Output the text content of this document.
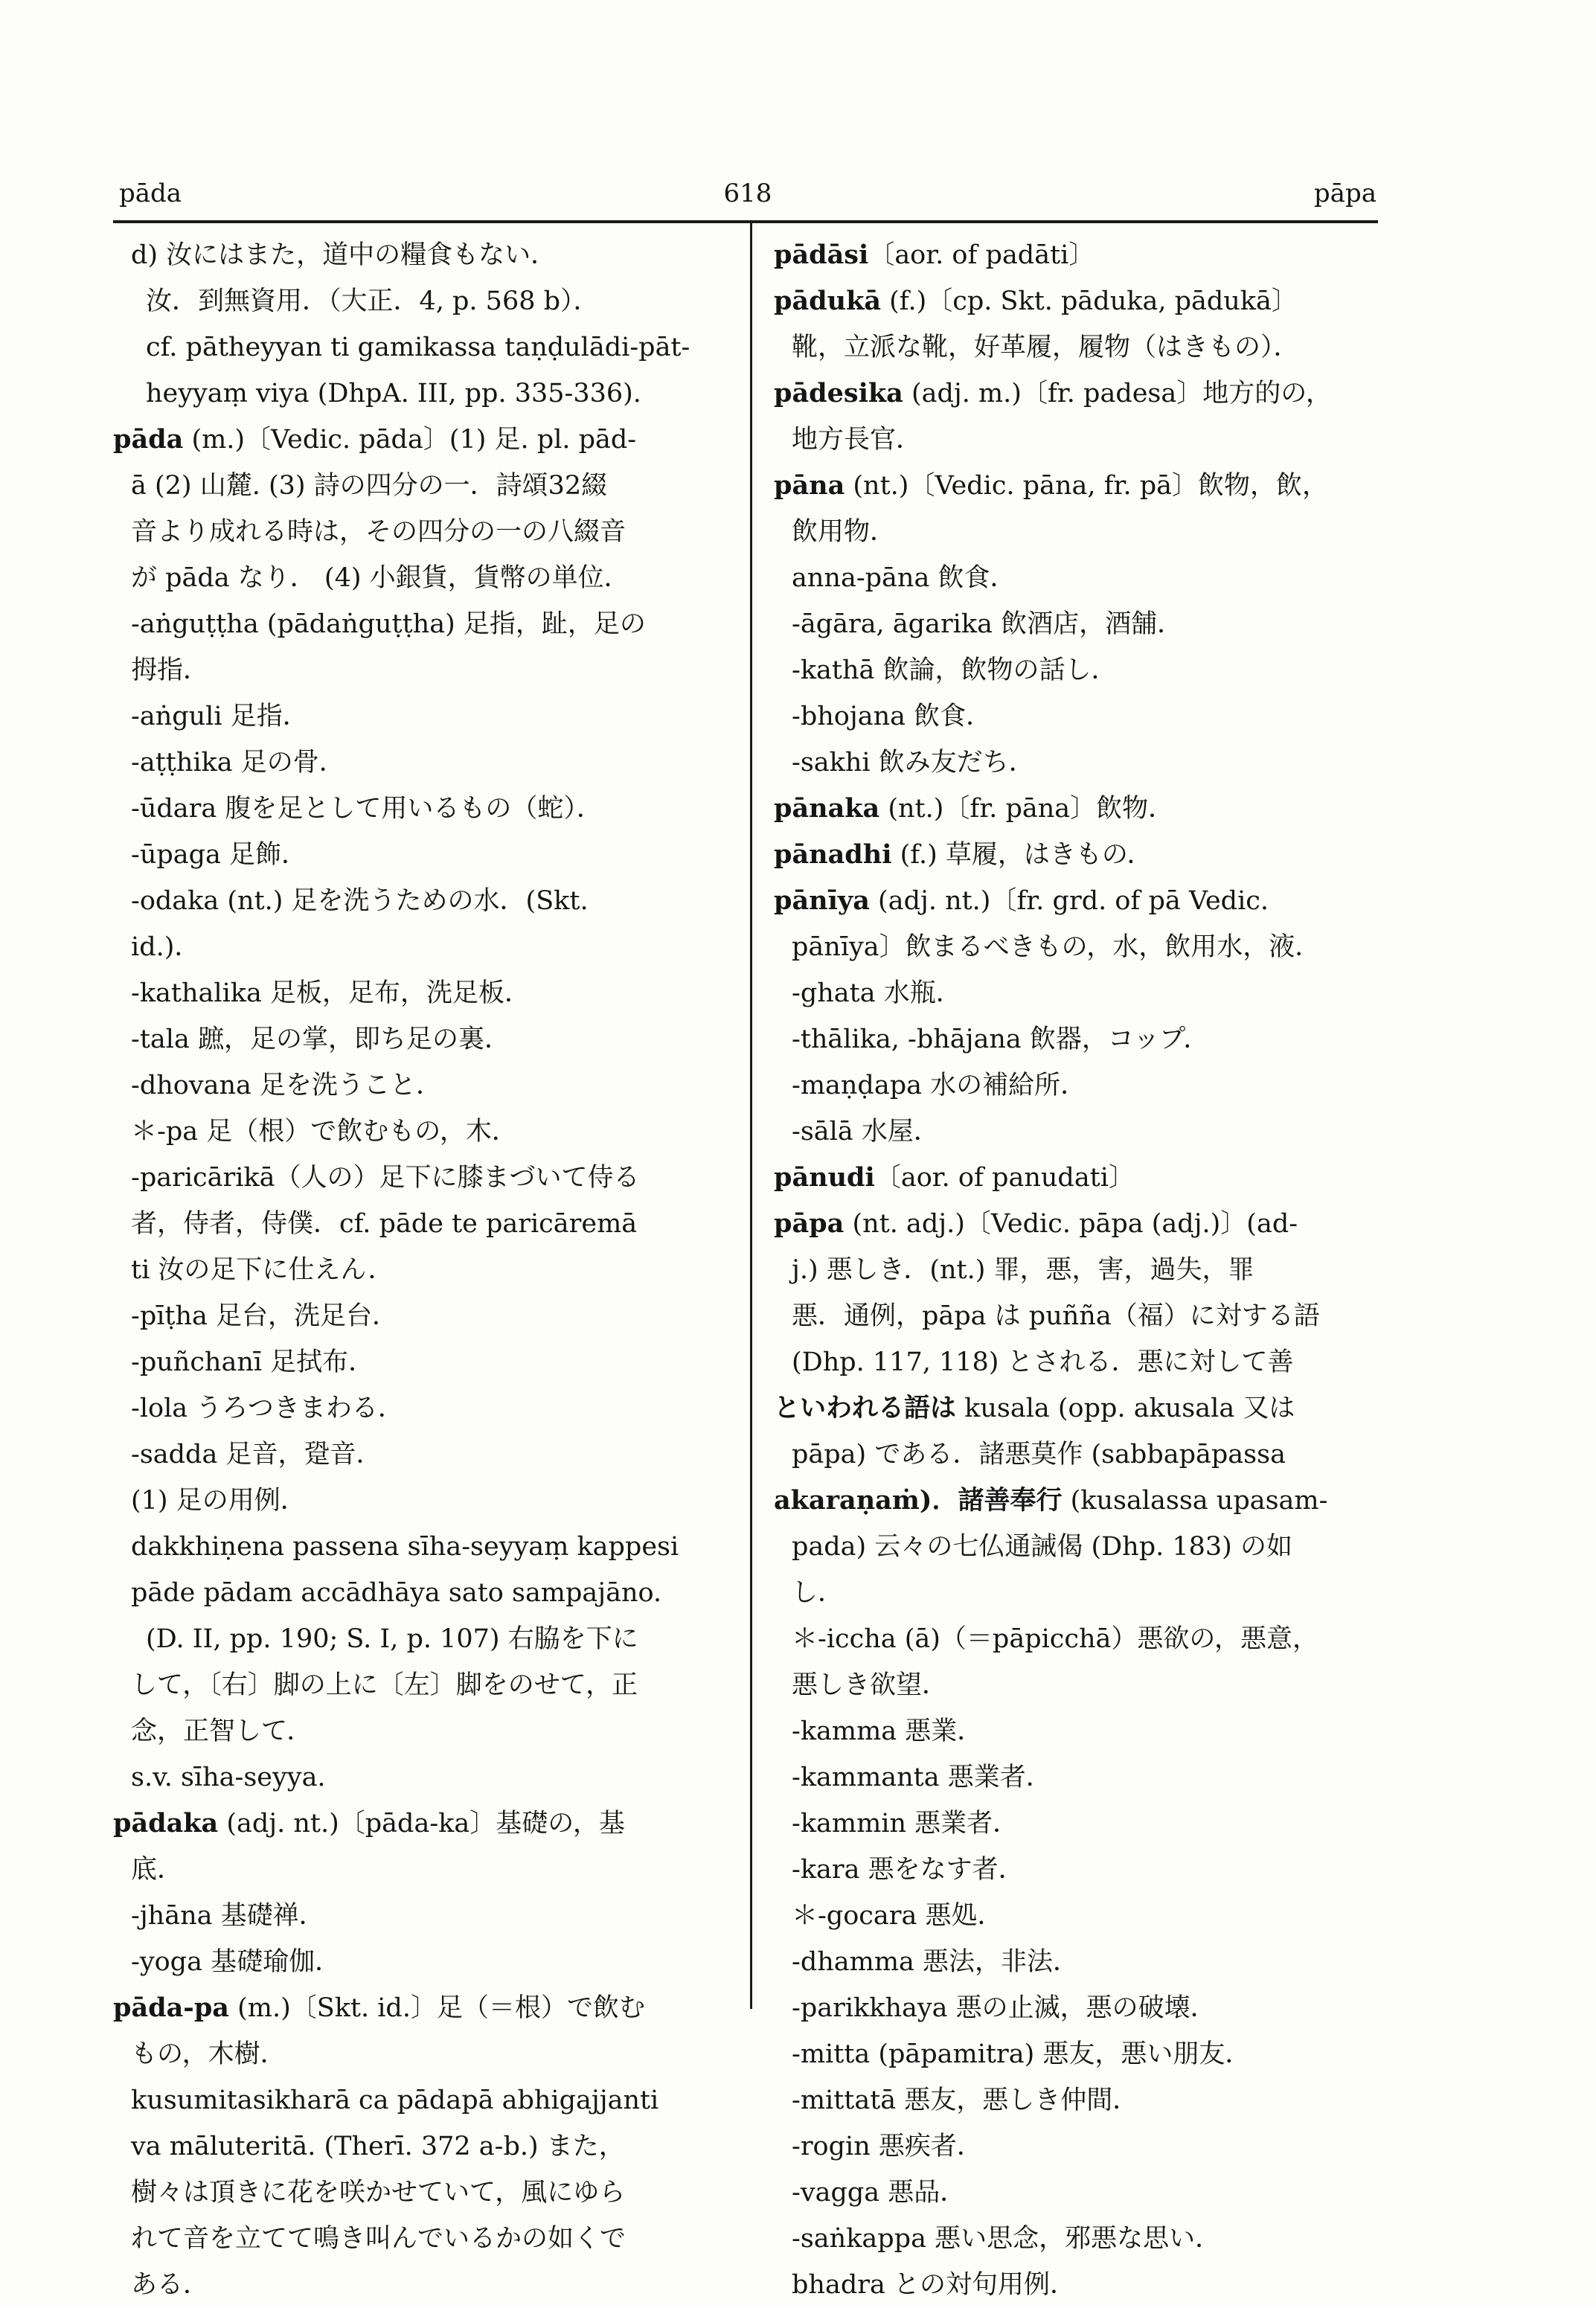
pāda	618	pāpa
d) 汝にはまた，道中の糧食もない．
汝．到無資用．（大正．4, p. 568 b）．
cf. pātheyyan ti gamikassa taṇḍulādi-pāt-
heyyaṃ viya (DhpA. III, pp. 335-336).
pāda (m.)〔Vedic. pāda〕(1) 足. pl. pād-
ā (2) 山麓. (3) 詩の四分の一．詩頌32綴
音より成れる時は，その四分の一の八綴音
が pāda なり． (4) 小銀貨，貨幣の単位．
-aṅguṭṭha (pādaṅguṭṭha) 足指，趾，足の
拇指．
-aṅguli 足指．
-aṭṭhika 足の骨．
-ūdara 腹を足として用いるもの（蛇）．
-ūpaga 足飾．
-odaka (nt.) 足を洗うための水．(Skt.
id.)．
-kathalika 足板，足布，洗足板．
-tala 蹠，足の掌，即ち足の裏．
-dhovana 足を洗うこと．
＊-pa 足（根）で飲むもの，木．
-paricārikā（人の）足下に膝まづいて侍る
者，侍者，侍僕．cf. pāde te paricāremā
ti 汝の足下に仕えん．
-pīṭha 足台，洗足台．
-puñchanī 足拭布．
-lola うろつきまわる．
-sadda 足音，跫音．
(1) 足の用例．
dakkhiṇena passena sīha-seyyaṃ kappesi
pāde pādam accādhāya sato sampajāno.
(D. II, pp. 190; S. I, p. 107) 右脇を下に
して，〔右〕脚の上に〔左〕脚をのせて，正
念，正智して．
s.v. sīha-seyya.
pādaka (adj. nt.)〔pāda-ka〕基礎の，基
底．
-jhāna 基礎禅．
-yoga 基礎瑜伽．
pāda-pa (m.)〔Skt. id.〕足（＝根）で飲む
もの，木樹．
kusumitasikharā ca pādapā abhigajjanti
va māluteritā. (Therī. 372 a-b.) また，
樹々は頂きに花を咲かせていて，風にゆら
れて音を立てて鳴き叫んでいるかの如くで
ある．
pādāsi〔aor. of padāti〕
pādukā (f.)〔cp. Skt. pāduka, pādukā〕
靴，立派な靴，好革履，履物（はきもの）．
pādesika (adj. m.)〔fr. padesa〕地方的の，
地方長官．
pāna (nt.)〔Vedic. pāna, fr. pā〕飲物，飲，
飲用物．
anna-pāna 飲食．
-āgāra, āgarika 飲酒店，酒舗．
-kathā 飲論，飲物の話し．
-bhojana 飲食．
-sakhi 飲み友だち．
pānaka (nt.)〔fr. pāna〕飲物．
pānadhi (f.) 草履，はきもの．
pānīya (adj. nt.)〔fr. grd. of pā Vedic.
pānīya〕飲まるべきもの，水，飲用水，液．
-ghata 水瓶．
-thālika, -bhājana 飲器，コップ．
-maṇḍapa 水の補給所．
-sālā 水屋．
pānudi〔aor. of panudati〕
pāpa (nt. adj.)〔Vedic. pāpa (adj.)〕(ad-
j.) 悪しき．(nt.) 罪，悪，害，過失，罪
悪．通例，pāpa は puñña（福）に対する語
(Dhp. 117, 118) とされる．悪に対して善
といわれる語は kusala (opp. akusala 又は
pāpa) である．諸悪莫作 (sabbapāpassa
akaraṇaṁ)．諸善奉行 (kusalassa upasam-
pada) 云々の七仏通誡偈 (Dhp. 183) の如
し．
＊-iccha (ā)（＝pāpicchā）悪欲の，悪意，
悪しき欲望．
-kamma 悪業．
-kammanta 悪業者．
-kammin 悪業者．
-kara 悪をなす者．
＊-gocara 悪処．
-dhamma 悪法，非法．
-parikkhaya 悪の止滅，悪の破壊．
-mitta (pāpamitra) 悪友，悪い朋友．
-mittatā 悪友，悪しき仲間．
-rogin 悪疾者．
-vagga 悪品．
-saṅkappa 悪い思念，邪悪な思い．
bhadra との対句用例．
